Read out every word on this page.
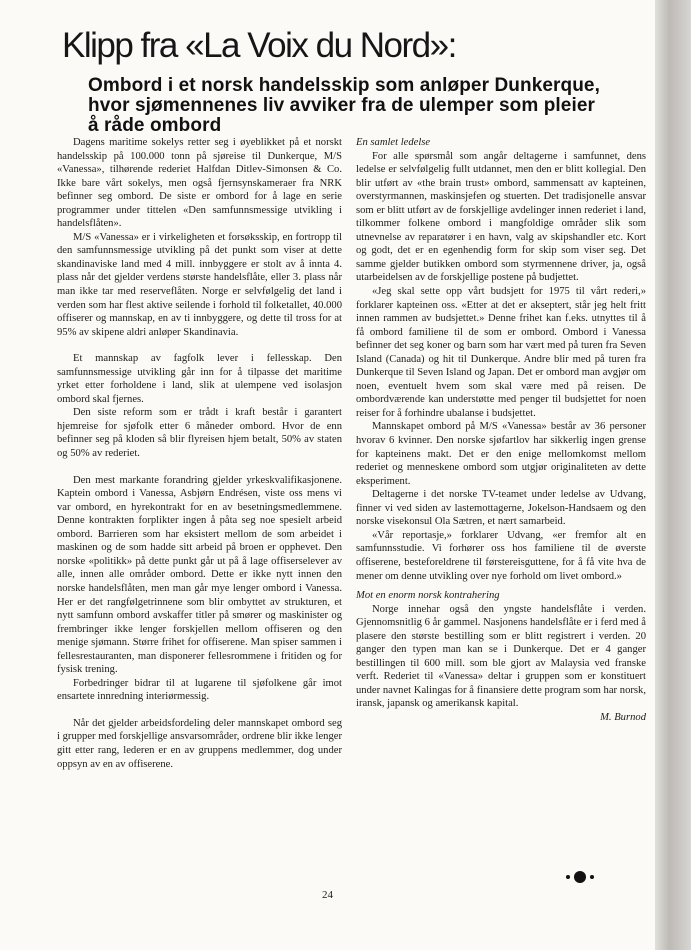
Klipp fra «La Voix du Nord»:
Ombord i et norsk handelsskip som anløper Dunkerque, hvor sjømennenes liv avviker fra de ulemper som pleier å råde ombord

Dagens maritime sokelys retter seg i øyeblikket på et norskt handelsskip på 100.000 tonn på sjøreise til Dunkerque, M/S «Vanessa», tilhørende rederiet Halfdan Ditlev-Simonsen & Co. Ikke bare vårt sokelys, men også fjernsynskameraer fra NRK befinner seg ombord. De siste er ombord for å lage en serie programmer under tittelen «Den samfunnsmessige utvikling i handelsflåten».

M/S «Vanessa» er i virkeligheten et forsøksskip, en fortropp til den samfunnsmessige utvikling på det punkt som viser at dette skandinaviske land med 4 mill. innbyggere er stolt av å innta 4. plass når det gjelder verdens største handelsflåte, eller 3. plass når man ikke tar med reserveflåten. Norge er selvfølgelig det land i verden som har flest aktive seilende i forhold til folketallet, 40.000 offiserer og mannskap, en av ti innbyggere, og dette til tross for at 95% av skipene aldri anløper Skandinavia.

Et mannskap av fagfolk lever i fellesskap. Den samfunnsmessige utvikling går inn for å tilpasse det maritime yrket etter forholdene i land, slik at ulempene ved isolasjon ombord skal fjernes.

Den siste reform som er trådt i kraft består i garantert hjemreise for sjøfolk etter 6 måneder ombord. Hvor de enn befinner seg på kloden så blir flyreisen hjem betalt, 50% av staten og 50% av rederiet.

Den mest markante forandring gjelder yrkeskvalifikasjonene. Kaptein ombord i Vanessa, Asbjørn Endrésen, viste oss mens vi var ombord, en hyrekontrakt for en av besetningsmedlemmene. Denne kontrakten forplikter ingen å påta seg noe spesielt arbeid ombord. Barrieren som har eksistert mellom de som arbeidet i maskinen og de som hadde sitt arbeid på broen er opphevet. Den norske «politikk» på dette punkt går ut på å lage offiserselever av alle, innen alle områder ombord. Dette er ikke nytt innen den norske handelsflåten, men man går mye lenger ombord i Vanessa. Her er det rangfølgetrinnene som blir ombyttet av strukturen, et nytt samfunn ombord avskaffer titler på smører og maskinister og frembringer ikke lenger forskjellen mellom offiseren og den menige sjømann. Større frihet for offiserene. Man spiser sammen i fellesrestauranten, man disponerer fellesrommene i fritiden og for fysisk trening.

Forbedringer bidrar til at lugarene til sjøfolkene går imot ensartete innredning interiørmessig.

Når det gjelder arbeidsfordeling deler mannskapet ombord seg i grupper med forskjellige ansvarsområder, ordrene blir ikke lenger gitt etter rang, lederen er en av gruppens medlemmer, dog under oppsyn av en av offiserene.

En samlet ledelse

For alle spørsmål som angår deltagerne i samfunnet, dens ledelse er selvfølgelig fullt utdannet, men den er blitt kollegial. Den blir utført av «the brain trust» ombord, sammensatt av kapteinen, overstyrmannen, maskinsjefen og stuerten. Det tradisjonelle ansvar som er blitt utført av de forskjellige avdelinger innen rederiet i land, tilkommer folkene ombord i mangfoldige områder slik som utnevnelse av reparatører i en havn, valg av skipshandler etc. Kort og godt, det er en egenhendig form for skip som viser seg. Det samme gjelder butikken ombord som styrmennene driver, ja, også utarbeidelsen av de forskjellige postene på budjettet.

«Jeg skal sette opp vårt budsjett for 1975 til vårt rederi,» forklarer kapteinen oss. «Etter at det er akseptert, står jeg helt fritt innen rammen av budsjettet.» Denne frihet kan f.eks. utnyttes til å få ombord familiene til de som er ombord. Ombord i Vanessa befinner det seg koner og barn som har vært med på turen fra Seven Island (Canada) og hit til Dunkerque. Andre blir med på turen fra Dunkerque til Seven Island og Japan. Det er ombord man avgjør om noen, eventuelt hvem som skal være med på reisen. De ombordværende kan understøtte med penger til budsjettet for noen reiser for å forhindre ubalanse i budsjettet.

Mannskapet ombord på M/S «Vanessa» består av 36 personer hvorav 6 kvinner. Den norske sjøfartlov har sikkerlig ingen grense for kapteinens makt. Det er den enige mellomkomst mellom rederiet og menneskene ombord som utgjør originaliteten av dette eksperiment.

Deltagerne i det norske TV-teamet under ledelse av Udvang, finner vi ved siden av lastemottagerne, Jokelson-Handsaem og den norske visekonsul Ola Sætren, et nært samarbeid.

«Vår reportasje,» forklarer Udvang, «er fremfor alt en samfunnsstudie. Vi forhører oss hos familiene til de øverste offiserene, besteforeldrene til førstereisguttene, for å få vite hva de mener om denne utvikling over nye forhold om livet ombord.»

Mot en enorm norsk kontrahering

Norge innehar også den yngste handelsflåte i verden. Gjennomsnitlig 6 år gammel. Nasjonens handelsflåte er i ferd med å plasere den største bestilling som er blitt registrert i verden. 20 ganger den typen man kan se i Dunkerque. Det er 4 ganger bestillingen til 600 mill. som ble gjort av Malaysia ved franske verft. Rederiet til «Vanessa» deltar i gruppen som er konstituert under navnet Kalingas for å finansiere dette program som har norsk, iransk, japansk og amerikansk kapital.

M. Burnod

24
